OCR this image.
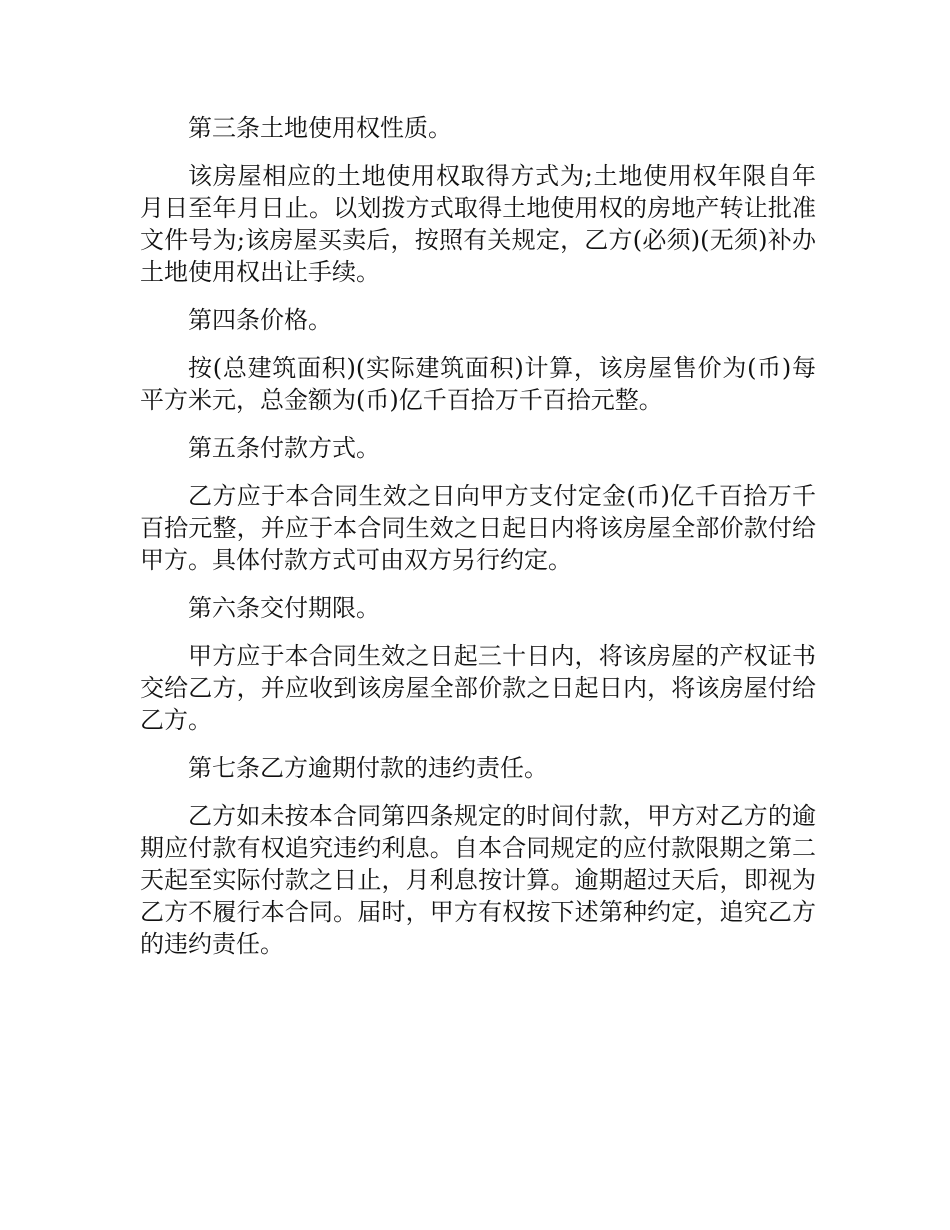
第三条土地使用权性质。

该房屋相应的土地使用权取得方式为;土地使用权年限自年月日至年月日止。以划拨方式取得土地使用权的房地产转让批准文件号为;该房屋买卖后，按照有关规定，乙方(必须)(无须)补办土地使用权出让手续。

第四条价格。

按(总建筑面积)(实际建筑面积)计算，该房屋售价为(币)每平方米元，总金额为(币)亿千百拾万千百拾元整。

第五条付款方式。

乙方应于本合同生效之日向甲方支付定金(币)亿千百拾万千百拾元整，并应于本合同生效之日起日内将该房屋全部价款付给甲方。具体付款方式可由双方另行约定。

第六条交付期限。

甲方应于本合同生效之日起三十日内，将该房屋的产权证书交给乙方，并应收到该房屋全部价款之日起日内，将该房屋付给乙方。

第七条乙方逾期付款的违约责任。

乙方如未按本合同第四条规定的时间付款，甲方对乙方的逾期应付款有权追究违约利息。自本合同规定的应付款限期之第二天起至实际付款之日止，月利息按计算。逾期超过天后，即视为乙方不履行本合同。届时，甲方有权按下述第种约定，追究乙方的违约责任。
